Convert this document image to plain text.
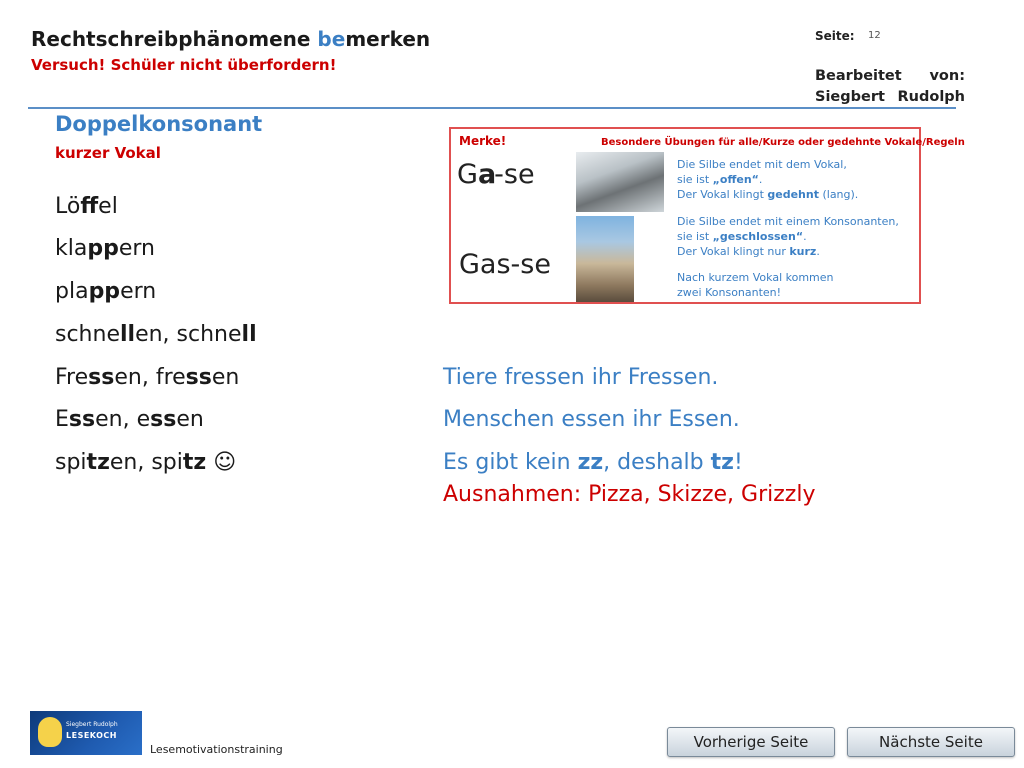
Rechtschreibphänomene bemerken
Versuch! Schüler nicht überfordern!
Seite: 12
Bearbeitet von:
Siegbert Rudolph
Doppelkonsonant
kurzer Vokal
Löffel
klappern
plappern
schnellen, schnell
Fressen, fressen
Essen, essen
spitzen, spitz ☺
Tiere fressen ihr Fressen.
Menschen essen ihr Essen.
Es gibt kein zz, deshalb tz!
Ausnahmen: Pizza, Skizze, Grizzly
Merke!	Besondere Übungen für alle/Kurze oder gedehnte Vokale/Regeln
Ga-se
Gas-se
Die Silbe endet mit dem Vokal,
sie ist „offen“.
Der Vokal klingt gedehnt (lang).
Die Silbe endet mit einem Konsonanten,
sie ist „geschlossen“.
Der Vokal klingt nur kurz.
Nach kurzem Vokal kommen
zwei Konsonanten!
Siegbert Rudolph
LESEKOCH
Lesemotivationstraining	Vorherige Seite	Nächste Seite
